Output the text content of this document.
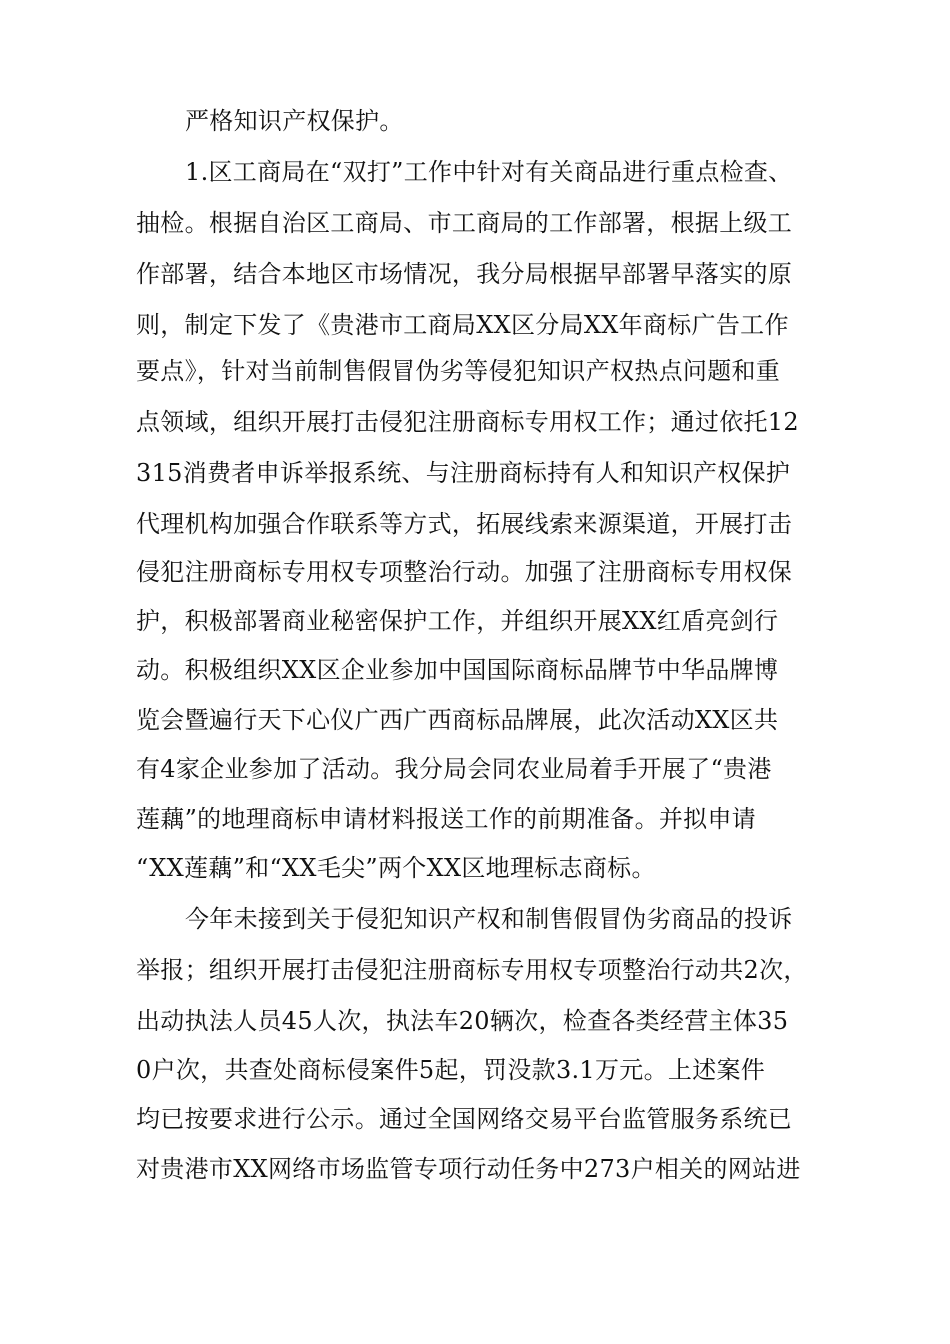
严格知识产权保护。
1.区工商局在“双打”工作中针对有关商品进行重点检查、
抽检。根据自治区工商局、市工商局的工作部署，根据上级工
作部署，结合本地区市场情况，我分局根据早部署早落实的原
则，制定下发了《贵港市工商局XX区分局XX年商标广告工作
要点》，针对当前制售假冒伪劣等侵犯知识产权热点问题和重
点领域，组织开展打击侵犯注册商标专用权工作；通过依托12
315消费者申诉举报系统、与注册商标持有人和知识产权保护
代理机构加强合作联系等方式，拓展线索来源渠道，开展打击
侵犯注册商标专用权专项整治行动。加强了注册商标专用权保
护，积极部署商业秘密保护工作，并组织开展XX红盾亮剑行
动。积极组织XX区企业参加中国国际商标品牌节中华品牌博
览会暨遍行天下心仪广西广西商标品牌展，此次活动XX区共
有4家企业参加了活动。我分局会同农业局着手开展了“贵港
莲藕”的地理商标申请材料报送工作的前期准备。并拟申请
“XX莲藕”和“XX毛尖”两个XX区地理标志商标。
今年未接到关于侵犯知识产权和制售假冒伪劣商品的投诉
举报；组织开展打击侵犯注册商标专用权专项整治行动共2次，
出动执法人员45人次，执法车20辆次，检查各类经营主体35
0户次，共查处商标侵案件5起，罚没款3.1万元。上述案件
均已按要求进行公示。通过全国网络交易平台监管服务系统已
对贵港市XX网络市场监管专项行动任务中273户相关的网站进
